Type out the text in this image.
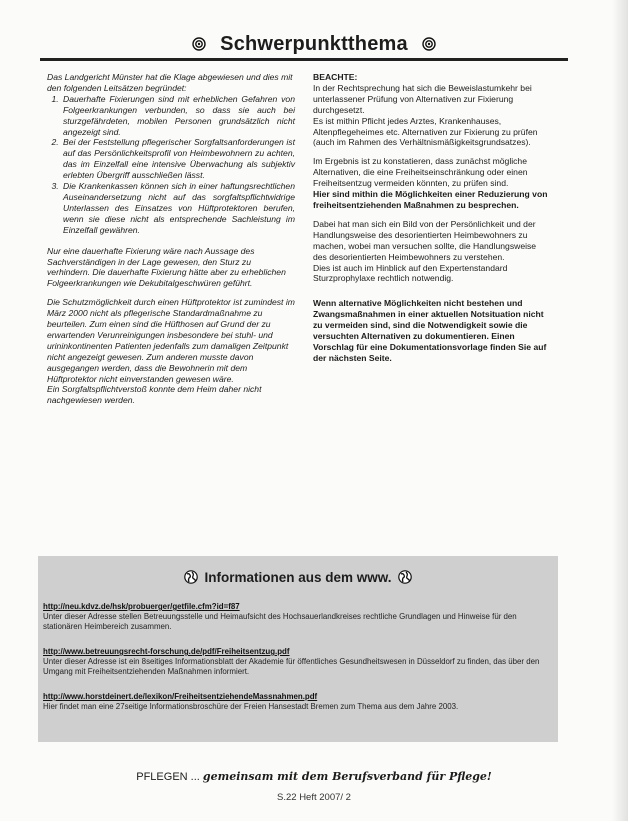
Schwerpunktthema

Das Landgericht Münster hat die Klage abgewiesen und dies mit den folgenden Leitsätzen begründet:

1. Dauerhafte Fixierungen sind mit erheblichen Gefahren von Folgeerkrankungen verbunden, so dass sie auch bei sturzgefährdeten, mobilen Personen grundsätzlich nicht angezeigt sind.
2. Bei der Feststellung pflegerischer Sorgfaltsanforderungen ist auf das Persönlichkeitsprofil von Heimbewohnern zu achten, das im Einzelfall eine intensive Überwachung als subjektiv erlebten Übergriff ausschließen lässt.
3. Die Krankenkassen können sich in einer haftungsrechtlichen Auseinandersetzung nicht auf das sorgfaltspflichtwidrige Unterlassen des Einsatzes von Hüftprotektoren berufen, wenn sie diese nicht als entsprechende Sachleistung im Einzelfall gewähren.

Nur eine dauerhafte Fixierung wäre nach Aussage des Sachverständigen in der Lage gewesen, den Sturz zu verhindern. Die dauerhafte Fixierung hätte aber zu erheblichen Folgeerkrankungen wie Dekubitalgeschwüren geführt.

Die Schutzmöglichkeit durch einen Hüftprotektor ist zumindest im März 2000 nicht als pflegerische Standardmaßnahme zu beurteilen. Zum einen sind die Hüfthosen auf Grund der zu erwartenden Verunreinigungen insbesondere bei stuhl- und urininkontinenten Patienten jedenfalls zum damaligen Zeitpunkt nicht angezeigt gewesen. Zum anderen musste davon ausgegangen werden, dass die Bewohnerin mit dem Hüftprotektor nicht einverstanden gewesen wäre.

Ein Sorgfaltspflichtverstoß konnte dem Heim daher nicht nachgewiesen werden.

BEACHTE:

In der Rechtsprechung hat sich die Beweislastumkehr bei unterlassener Prüfung von Alternativen zur Fixierung durchgesetzt.

Es ist mithin Pflicht jedes Arztes, Krankenhauses, Altenpflegeheimes etc. Alternativen zur Fixierung zu prüfen (auch im Rahmen des Verhältnismäßigkeitsgrundsatzes).

Im Ergebnis ist zu konstatieren, dass zunächst mögliche Alternativen, die eine Freiheitseinschränkung oder einen Freiheitsentzug vermeiden könnten, zu prüfen sind.

Hier sind mithin die Möglichkeiten einer Reduzierung von freiheitsentziehenden Maßnahmen zu besprechen.

Dabei hat man sich ein Bild von der Persönlichkeit und der Handlungsweise des desorientierten Heimbewohners zu machen, wobei man versuchen sollte, die Handlungsweise des desorientierten Heimbewohners zu verstehen.

Dies ist auch im Hinblick auf den Expertenstandard Sturzprophylaxe rechtlich notwendig.

Wenn alternative Möglichkeiten nicht bestehen und Zwangsmaßnahmen in einer aktuellen Notsituation nicht zu vermeiden sind, sind die Notwendigkeit sowie die versuchten Alternativen zu dokumentieren. Einen Vorschlag für eine Dokumentationsvorlage finden Sie auf der nächsten Seite.

Informationen aus dem www.
http://neu.kdvz.de/hsk/probuerger/getfile.cfm?id=f87
Unter dieser Adresse stellen Betreuungsstelle und Heimaufsicht des Hochsauerlandkreises rechtliche Grundlagen und Hinweise für den stationären Heimbereich zusammen.
http://www.betreuungsrecht-forschung.de/pdf/Freiheitsentzug.pdf
Unter dieser Adresse ist ein 8seitiges Informationsblatt der Akademie für öffentliches Gesundheitswesen in Düsseldorf zu finden, das über den Umgang mit Freiheitsentziehenden Maßnahmen informiert.
http://www.horstdeinert.de/lexikon/FreiheitsentziehendeMassnahmen.pdf
Hier findet man eine 27seitige Informationsbroschüre der Freien Hansestadt Bremen zum Thema aus dem Jahre 2003.
PFLEGEN ... gemeinsam mit dem Berufsverband für Pflege!
S.22 Heft 2007/ 2
